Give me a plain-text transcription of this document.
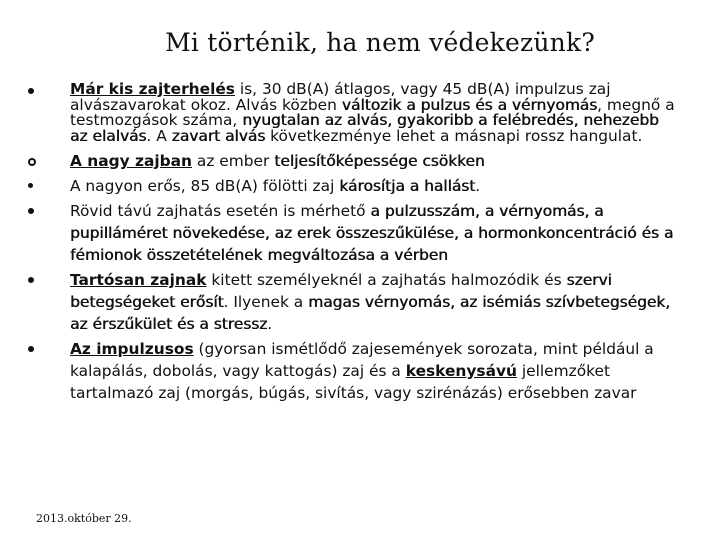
Mi történik, ha nem védekezünk?
Már kis zajterhelés is, 30 dB(A) átlagos, vagy 45 dB(A) impulzus zaj alvászavarokat okoz. Alvás közben változik a pulzus és a vérnyomás, megnő a testmozgások száma, nyugtalan az alvás, gyakoribb a felébredés, nehezebb az elalvás. A zavart alvás következménye lehet a másnapi rossz hangulat.
A nagy zajban az ember teljesítőképessége csökken
A nagyon erős, 85 dB(A) fölötti zaj károsítja a hallást.
Rövid távú zajhatás esetén is mérhető a pulzusszám, a vérnyomás, a pupilláméret növekedése, az erek összeszűkülése, a hormonkoncentráció és a fémionok összetételének megváltozása a vérben
Tartósan zajnak kitett személyeknél a zajhatás halmozódik és szervi betegségeket erősít. Ilyenek a magas vérnyomás, az isémiás szívbetegségek, az érszűkület és a stressz.
Az impulzusos (gyorsan ismétlődő zajesemények sorozata, mint például a kalapálás, dobolás, vagy kattogás) zaj és a keskenysávú jellemzőket tartalmazó zaj (morgás, búgás, sivítás, vagy szirénázás) erősebben zavar
2013.október 29.
